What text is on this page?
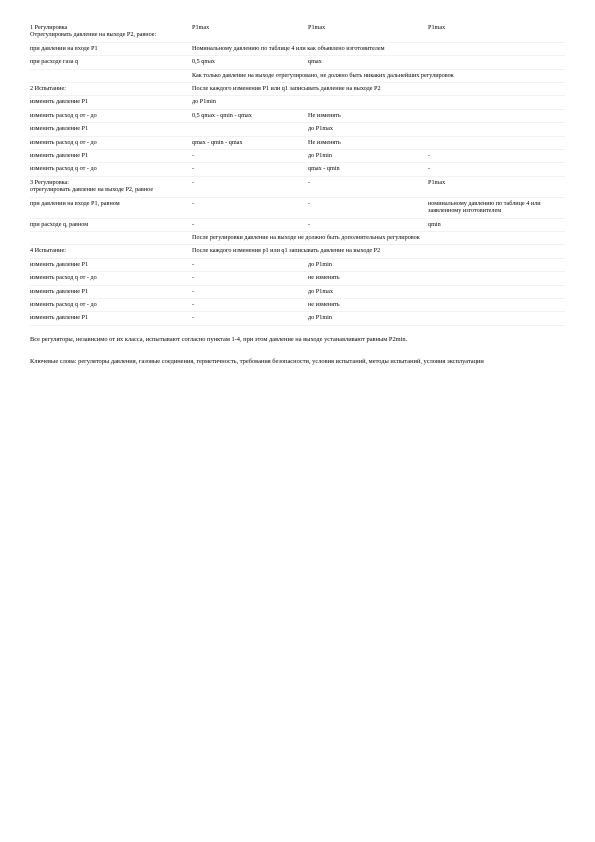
1 Регулировка
Отрегулировать давление на выходе P2, равное:	P1max	P1max	P1max
при давлении на входе P1	Номинальному давлению по таблице 4 или как объявлено изготовителем		
при расходе газа q	0,5 qmax	qmax	
	Как только давление на выходе отрегулировано, не должно быть никаких дальнейших регулировок		
2 Испытание:	После каждого изменения P1 или q1 записывать давление на выходе P2		
изменить давление P1	до P1min		
изменить расход q от - до	0,5 qmax - qmin - qmax	Не изменять	
изменить давление P1		до P1max	
изменить расход q от - до	qmax - qmin - qmax	Не изменять	
изменить давление P1	-	до P1min	-
изменить расход q от - до	-	qmax - qmin	-

3 Регулировка:
отрегулировать давление на выходе P2, равное	-	-	P1max
при давлении на входе P1, равном	-	-	номинальному давлению по таблице 4 или заявленному изготовителем
при расходе q, равном	-	-	qmin
	После регулировки давление на выходе не должно быть дополнительных регулировок		
4 Испытание:	После каждого изменения p1 или q1 записывать давление на выходе P2		
изменить давление P1	-	до P1min	
изменить расход q от - до	-	не изменять	
изменить давление P1	-	до P1max	
изменить расход q от - до	-	не изменять	
изменить давление P1	-	до P1min	
Все регуляторы, независимо от их класса, испытывают согласно пунктам 1-4, при этом давление на выходе устанавливают равным P2min.
Ключевые слова: регуляторы давления, газовые соединения, герметичность, требования безопасности, условия испытаний, методы испытаний, условия эксплуатации
